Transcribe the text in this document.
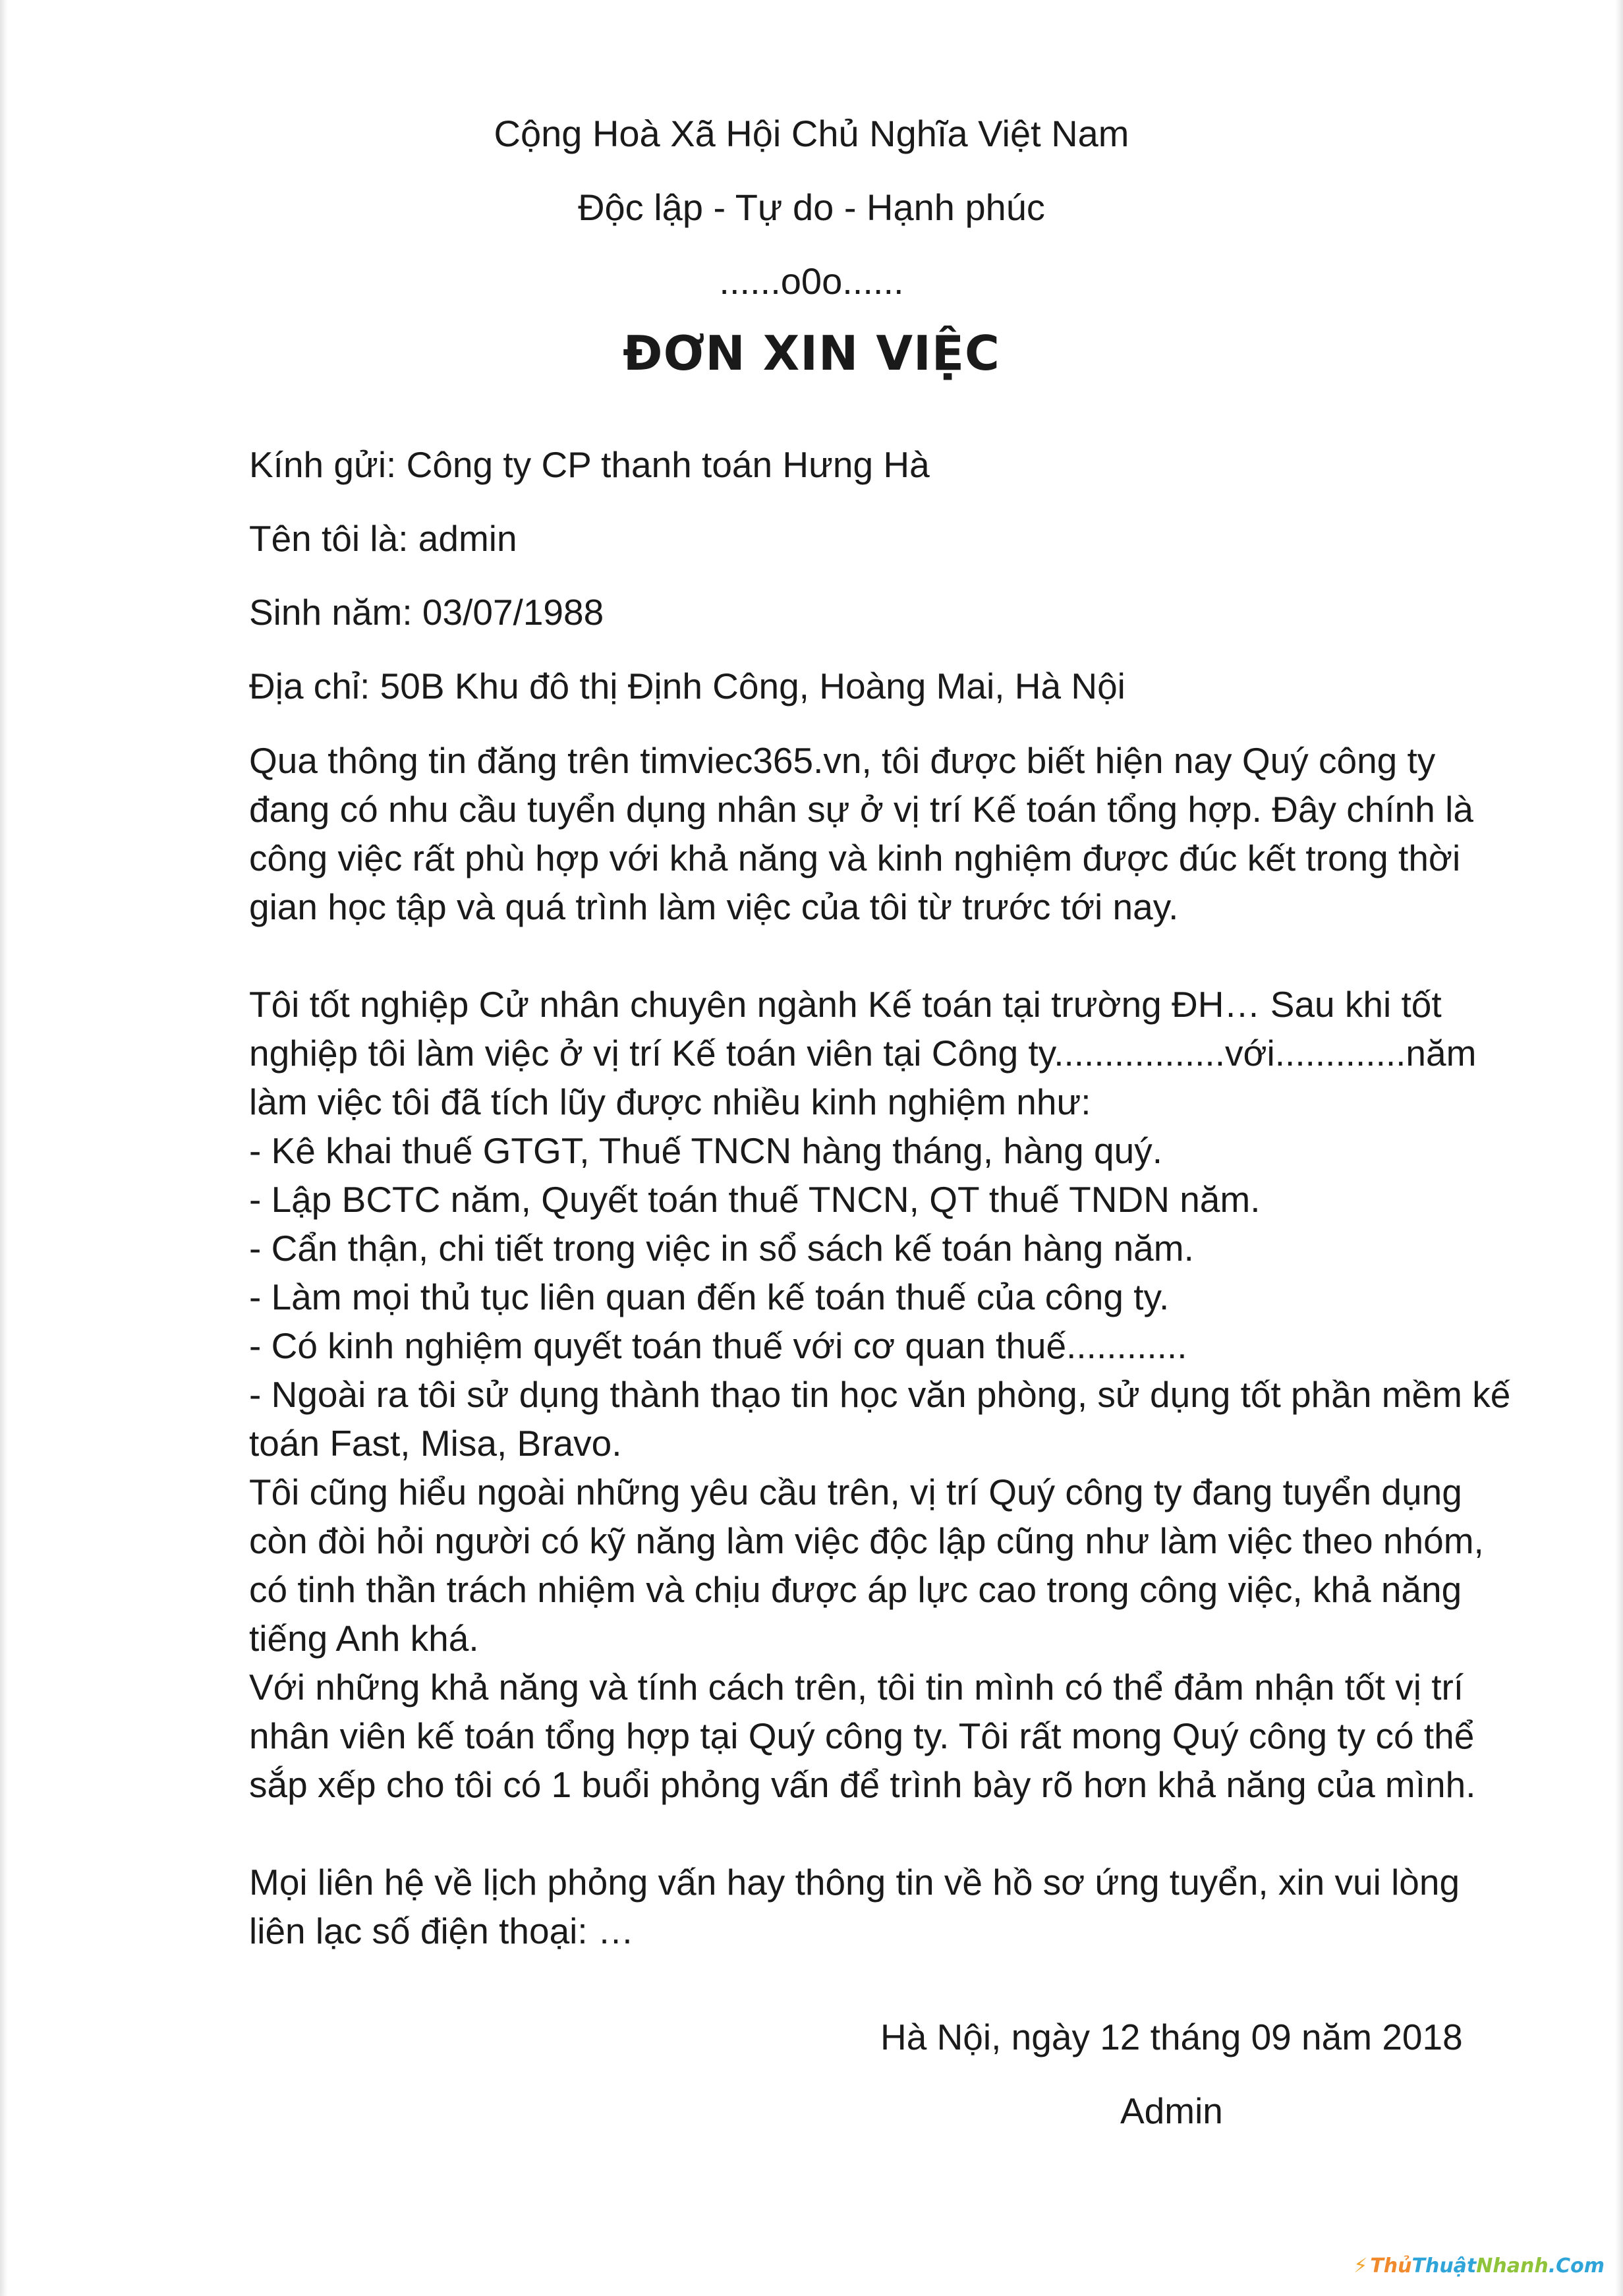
Cộng Hoà Xã Hội Chủ Nghĩa Việt Nam
Độc lập - Tự do - Hạnh phúc
......o0o......
ĐƠN XIN VIỆC
Kính gửi: Công ty CP thanh toán Hưng Hà
Tên tôi là: admin
Sinh năm: 03/07/1988
Địa chỉ: 50B Khu đô thị Định Công, Hoàng Mai, Hà Nội

Qua thông tin đăng trên timviec365.vn, tôi được biết hiện nay Quý công ty đang có nhu cầu tuyển dụng nhân sự ở vị trí Kế toán tổng hợp. Đây chính là công việc rất phù hợp với khả năng và kinh nghiệm được đúc kết trong thời gian học tập và quá trình làm việc của tôi từ trước tới nay.

Tôi tốt nghiệp Cử nhân chuyên ngành Kế toán tại trường ĐH… Sau khi tốt nghiệp tôi làm việc ở vị trí Kế toán viên tại Công ty.................với.............năm làm việc tôi đã tích lũy được nhiều kinh nghiệm như:

- Kê khai thuế GTGT, Thuế TNCN hàng tháng, hàng quý.
- Lập BCTC năm, Quyết toán thuế TNCN, QT thuế TNDN năm.
- Cẩn thận, chi tiết trong việc in sổ sách kế toán hàng năm.
- Làm mọi thủ tục liên quan đến kế toán thuế của công ty.
- Có kinh nghiệm quyết toán thuế với cơ quan thuế............
- Ngoài ra tôi sử dụng thành thạo tin học văn phòng, sử dụng tốt phần mềm kế toán Fast, Misa, Bravo.

Tôi cũng hiểu ngoài những yêu cầu trên, vị trí Quý công ty đang tuyển dụng còn đòi hỏi người có kỹ năng làm việc độc lập cũng như làm việc theo nhóm, có tinh thần trách nhiệm và chịu được áp lực cao trong công việc, khả năng tiếng Anh khá.

Với những khả năng và tính cách trên, tôi tin mình có thể đảm nhận tốt vị trí nhân viên kế toán tổng hợp tại Quý công ty. Tôi rất mong Quý công ty có thể sắp xếp cho tôi có 1 buổi phỏng vấn để trình bày rõ hơn khả năng của mình.

Mọi liên hệ về lịch phỏng vấn hay thông tin về hồ sơ ứng tuyển, xin vui lòng liên lạc số điện thoại: …

Hà Nội, ngày 12 tháng 09 năm 2018
Admin
⚡ ThủThuậtNhanh.Com
